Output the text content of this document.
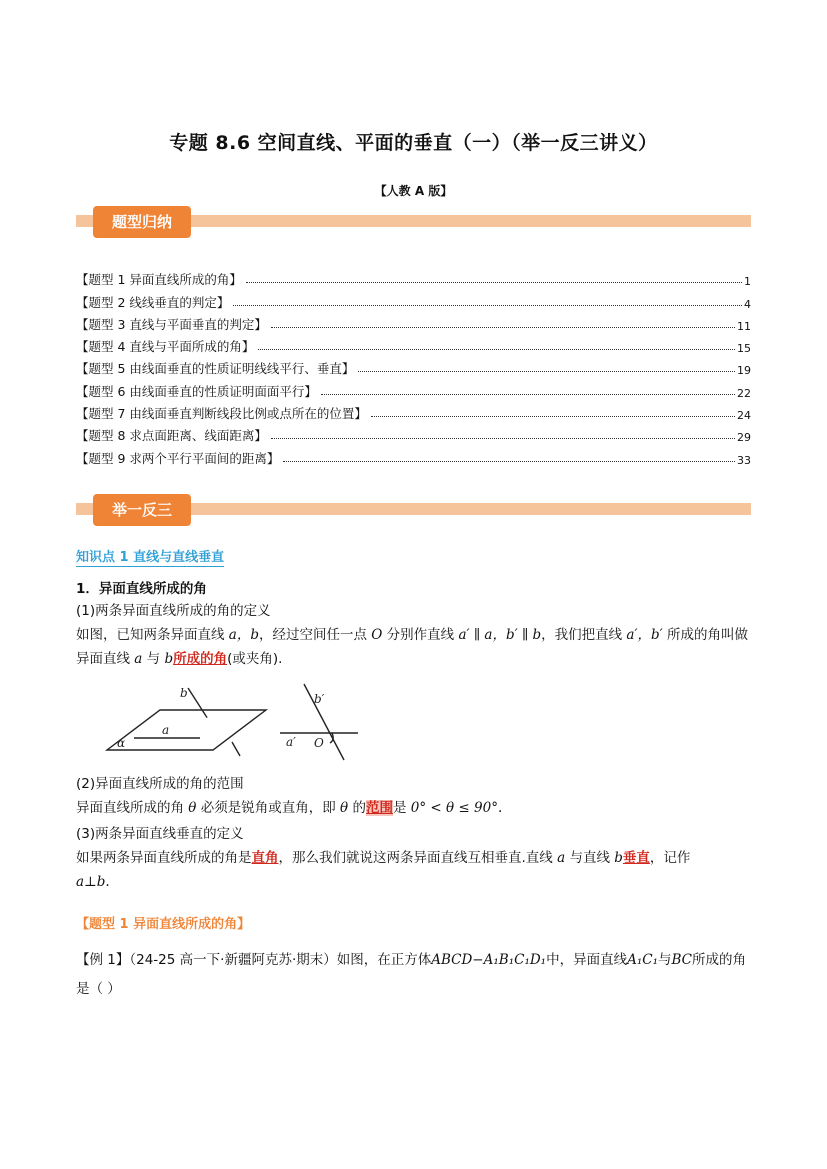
专题 8.6 空间直线、平面的垂直（一）（举一反三讲义）
【人教 A 版】
题型归纳
【题型 1 异面直线所成的角】	1
【题型 2 线线垂直的判定】	4
【题型 3 直线与平面垂直的判定】	11
【题型 4 直线与平面所成的角】	15
【题型 5 由线面垂直的性质证明线线平行、垂直】	19
【题型 6 由线面垂直的性质证明面面平行】	22
【题型 7 由线面垂直判断线段比例或点所在的位置】	24
【题型 8 求点面距离、线面距离】	29
【题型 9 求两个平行平面间的距离】	33
举一反三
知识点 1 直线与直线垂直
1．异面直线所成的角
(1)两条异面直线所成的角的定义
如图，已知两条异面直线 a，b，经过空间任一点 O 分别作直线 a′ ∥ a，b′ ∥ b，我们把直线 a′，b′ 所成的角叫做异面直线 a 与 b所成的角(或夹角).
α
a
b	b′
a′ O
(2)异面直线所成的角的范围
异面直线所成的角 θ 必须是锐角或直角，即 θ 的范围是 0° < θ ≤ 90°.
(3)两条异面直线垂直的定义
如果两条异面直线所成的角是直角，那么我们就说这两条异面直线互相垂直.直线 a 与直线 b垂直，记作
a⊥b.
【题型 1 异面直线所成的角】
【例 1】（24-25 高一下·新疆阿克苏·期末）如图，在正方体ABCD−A₁B₁C₁D₁中，异面直线A₁C₁与BC所成的角是（ ）
